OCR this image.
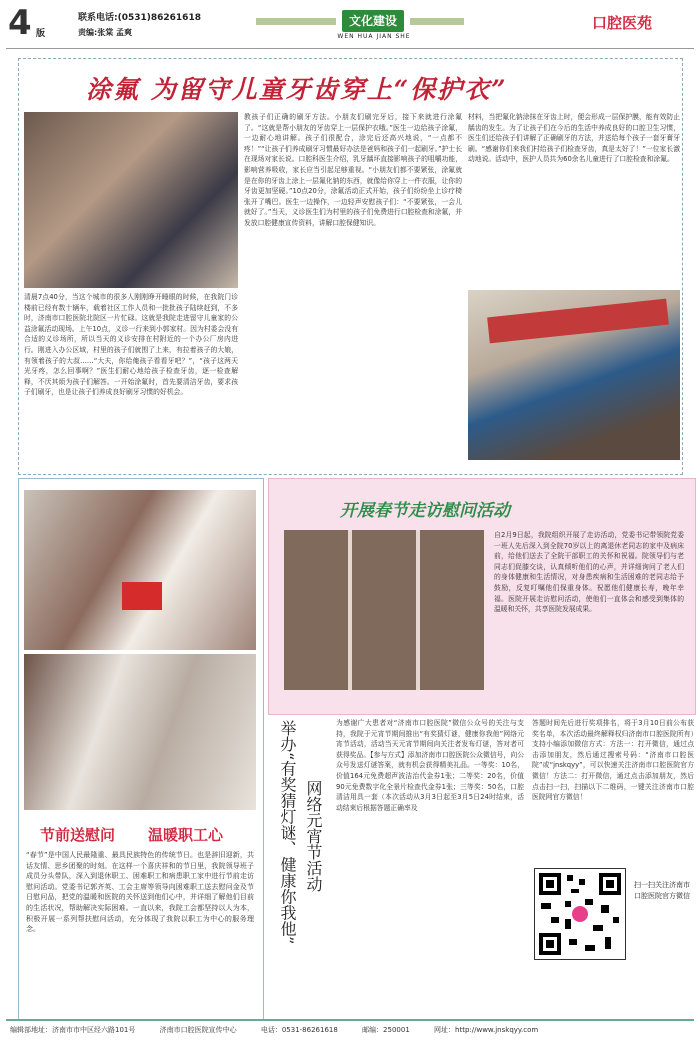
4 版
联系电话:(0531)86261618
责编:张棠 孟爽
文化建设
WEN HUA JIAN SHE
口腔医苑
涂氟 为留守儿童牙齿穿上“保护衣”
清晨7点40分，当这个城市的很多人刚刚睁开睡眼的时候，在我院门诊楼前已经有数十辆车，载着社区工作人员和一批批孩子陆续赶到，不多时，济南市口腔医院北院区一片忙碌。这就是我院走进留守儿童家的公益涂氟活动现场。上午10点，义诊一行来到小郭家村。因为村委会没有合适的义诊场所，所以当天的义诊安排在村附近的一个办公厂房内进行。刚进入办公区域，村里的孩子们就围了上来，有拉着孩子的大娘，有领着孩子的大叔……“大夫，你给俺孩子看看牙吧？”，“孩子这两天光牙疼，怎么回事啊？”医生们耐心地给孩子检查牙齿，逐一检查解释，不厌其烦为孩子们解答。一开始涂氟时，首先要清洁牙齿，要求孩子们刷牙，也是让孩子们养成良好刷牙习惯的好机会。
教孩子们正确的刷牙方法。小朋友们刷完牙后，接下来就进行涂氟了。“这就是帮小朋友的牙齿穿上一层保护衣哦。”医生一边给孩子涂氟，一边耐心地讲解。孩子们很配合，涂完后还高兴地说，“一点都不疼！”“让孩子们养成刷牙习惯最好办法是爸妈和孩子们一起刷牙。”护士长在现场对家长说。口腔科医生介绍，乳牙龋坏直接影响孩子的咀嚼功能，影响营养吸收，家长应当引起足够重视。“小朋友们都不要紧张，涂氟就是在你的牙齿上涂上一层氟化钠的东西，就像给你穿上一件衣服，让你的牙齿更加坚硬。”10点20分，涂氟活动正式开始，孩子们纷纷坐上诊疗椅张开了嘴巴。医生一边操作，一边轻声安慰孩子们：“不要紧张，一会儿就好了。”当天，义诊医生们为村里的孩子们免费进行口腔检查和涂氟，并发放口腔健康宣传资料，讲解口腔保健知识。
材料，当把氟化钠涂抹在牙齿上时，便会形成一层保护膜，能有效防止龋齿的发生。为了让孩子们在今后的生活中养成良好的口腔卫生习惯，医生们还给孩子们讲解了正确刷牙的方法，并送给每个孩子一套牙膏牙刷。“感谢你们来我们村给孩子们检查牙齿，真是太好了！”一位家长激动地说。活动中，医护人员共为60余名儿童进行了口腔检查和涂氟。
开展春节走访慰问活动
自2月9日起，我院组织开展了走访活动，党委书记带领院党委一班人先后深入到全院70岁以上的离退休老同志的家中及病床前，给他们送去了全院干部职工的关怀和祝福。院领导们与老同志们促膝交谈，认真倾听他们的心声，并详细询问了老人们的身体健康和生活情况，对身患疾病和生活困难的老同志给予鼓励，反复叮嘱他们保重身体。祝愿他们健康长寿，晚年幸福。医院开展走访慰问活动，使他们一直体会和感受到集体的温暖和关怀，共享医院发展成果。
节前送慰问 温暖职工心
“春节”是中国人民最隆重、最具民族特色的传统节日。也是辞旧迎新，共话友情、思乡团聚的时刻。在这样一个喜庆祥和的节日里，我院领导班子成员分头带队，深入到退休职工、困难职工和病患职工家中进行节前走访慰问活动。党委书记郭齐英、工会主席等领导向困难职工送去慰问金及节日慰问品，把党的温暖和医院的关怀送到他们心中，并详细了解他们目前的生活状况，帮助解决实际困难。一直以来，我院工会都坚持以人为本，积极开展一系列帮扶慰问活动，充分体现了我院以职工为中心的服务理念。	举办“有奖猜灯谜、健康你我他” 网络元宵节活动
为感谢广大患者对“济南市口腔医院”微信公众号的关注与支持，我院于元宵节期间推出“有奖猜灯谜，健康你我他”网络元宵节活动，活动当天元宵节期间向关注者发布灯谜，答对者可获得奖品。【参与方式】添加济南市口腔医院公众微信号，向公众号发送灯谜答案，就有机会获得精美礼品。一等奖：10名，价值164元免费超声波洁治代金券1张；二等奖：20名，价值90元免费数字化全景片检查代金券1张；三等奖：50名，口腔清洁用具一套（本次活动从3月3日起至3月5日24时结束，活动结束后根据答题正确率及
答题时间先后进行奖项排名，将于3月10日前公布获奖名单，本次活动最终解释权归济南市口腔医院所有）支持小编添加微信方式：方法一：打开微信，通过点击添加朋友，然后通过搜索号码：“济南市口腔医院”或“jnskqyy”，可以快速关注济南市口腔医院官方微信！方法二：打开微信，通过点击添加朋友，然后点击扫一扫，扫描以下二维码，一键关注济南市口腔医院网官方微信！
扫一扫关注济南市口腔医院官方微信
编辑部地址：济南市市中区经六路101号	济南市口腔医院宣传中心	电话：0531-86261618	邮编：250001	网址：http://www.jnskqyy.com
